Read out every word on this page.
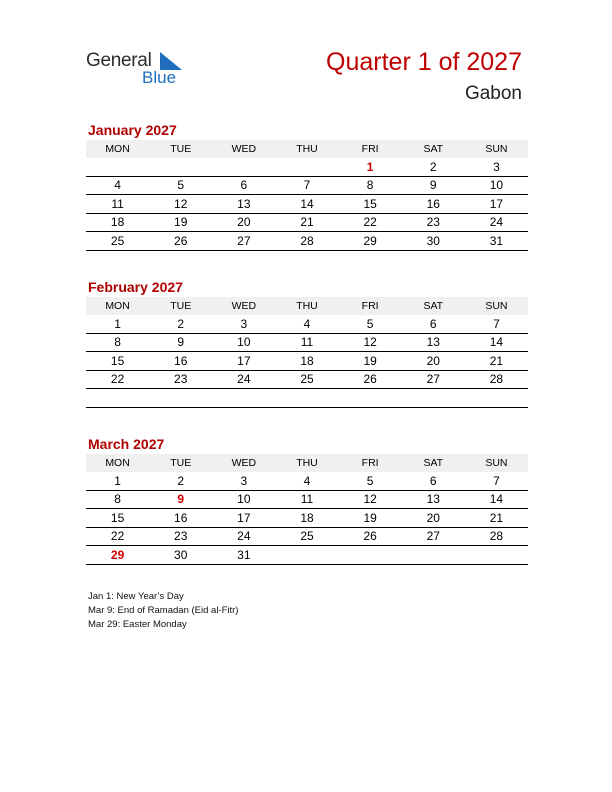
General
Blue
Quarter 1 of 2027
Gabon
January 2027
MON	TUE	WED	THU	FRI	SAT	SUN
				1	2	3
4	5	6	7	8	9	10
11	12	13	14	15	16	17
18	19	20	21	22	23	24
25	26	27	28	29	30	31
February 2027
MON	TUE	WED	THU	FRI	SAT	SUN
1	2	3	4	5	6	7
8	9	10	11	12	13	14
15	16	17	18	19	20	21
22	23	24	25	26	27	28

March 2027
MON	TUE	WED	THU	FRI	SAT	SUN
1	2	3	4	5	6	7
8	9	10	11	12	13	14
15	16	17	18	19	20	21
22	23	24	25	26	27	28
29	30	31				
Jan 1: New Year’s Day
Mar 9: End of Ramadan (Eid al-Fitr)
Mar 29: Easter Monday
